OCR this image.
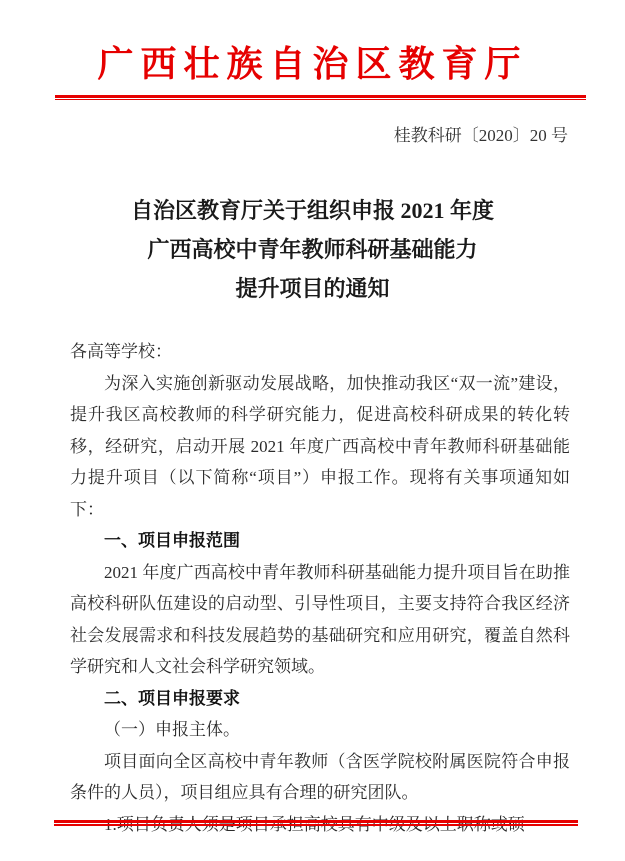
广西壮族自治区教育厅
桂教科研〔2020〕20 号
自治区教育厅关于组织申报 2021 年度
广西高校中青年教师科研基础能力
提升项目的通知

各高等学校：

为深入实施创新驱动发展战略，加快推动我区“双一流”建设，提升我区高校教师的科学研究能力，促进高校科研成果的转化转移，经研究，启动开展 2021 年度广西高校中青年教师科研基础能力提升项目（以下简称“项目”）申报工作。现将有关事项通知如下：

一、项目申报范围

2021 年度广西高校中青年教师科研基础能力提升项目旨在助推高校科研队伍建设的启动型、引导性项目，主要支持符合我区经济社会发展需求和科技发展趋势的基础研究和应用研究，覆盖自然科学研究和人文社会科学研究领域。

二、项目申报要求

（一）申报主体。

项目面向全区高校中青年教师（含医学院校附属医院符合申报条件的人员），项目组应具有合理的研究团队。
